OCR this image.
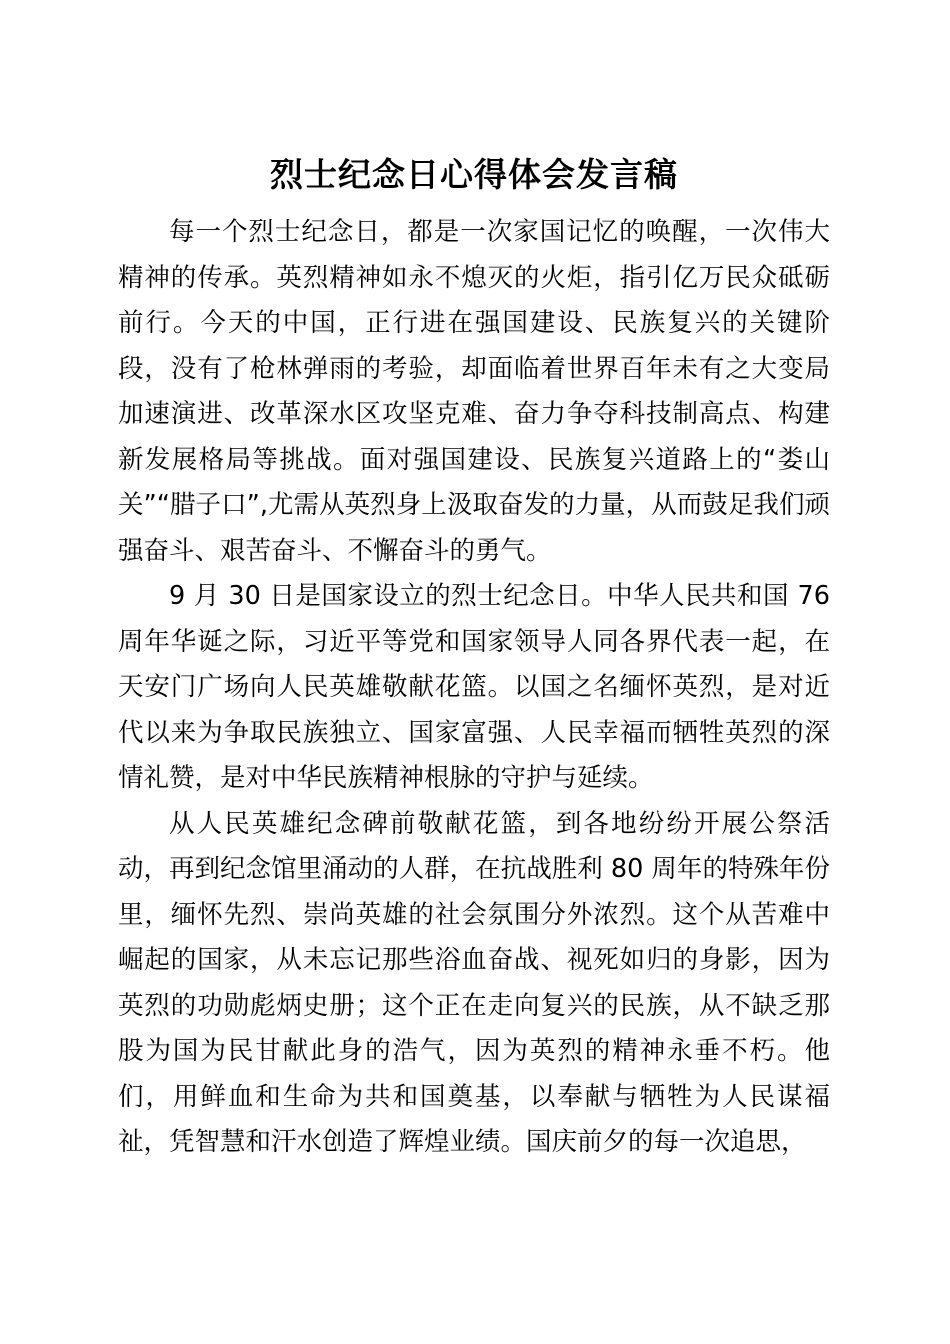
烈士纪念日心得体会发言稿

每一个烈士纪念日，都是一次家国记忆的唤醒，一次伟大精神的传承。英烈精神如永不熄灭的火炬，指引亿万民众砥砺前行。今天的中国，正行进在强国建设、民族复兴的关键阶段，没有了枪林弹雨的考验，却面临着世界百年未有之大变局加速演进、改革深水区攻坚克难、奋力争夺科技制高点、构建新发展格局等挑战。面对强国建设、民族复兴道路上的“娄山关”“腊子口”,尤需从英烈身上汲取奋发的力量，从而鼓足我们顽强奋斗、艰苦奋斗、不懈奋斗的勇气。

9 月 30 日是国家设立的烈士纪念日。中华人民共和国 76 周年华诞之际，习近平等党和国家领导人同各界代表一起，在天安门广场向人民英雄敬献花篮。以国之名缅怀英烈，是对近代以来为争取民族独立、国家富强、人民幸福而牺牲英烈的深情礼赞，是对中华民族精神根脉的守护与延续。

从人民英雄纪念碑前敬献花篮，到各地纷纷开展公祭活动，再到纪念馆里涌动的人群，在抗战胜利 80 周年的特殊年份里，缅怀先烈、崇尚英雄的社会氛围分外浓烈。这个从苦难中崛起的国家，从未忘记那些浴血奋战、视死如归的身影，因为英烈的功勋彪炳史册；这个正在走向复兴的民族，从不缺乏那股为国为民甘献此身的浩气，因为英烈的精神永垂不朽。他们，用鲜血和生命为共和国奠基，以奉献与牺牲为人民谋福祉，凭智慧和汗水创造了辉煌业绩。国庆前夕的每一次追思，
